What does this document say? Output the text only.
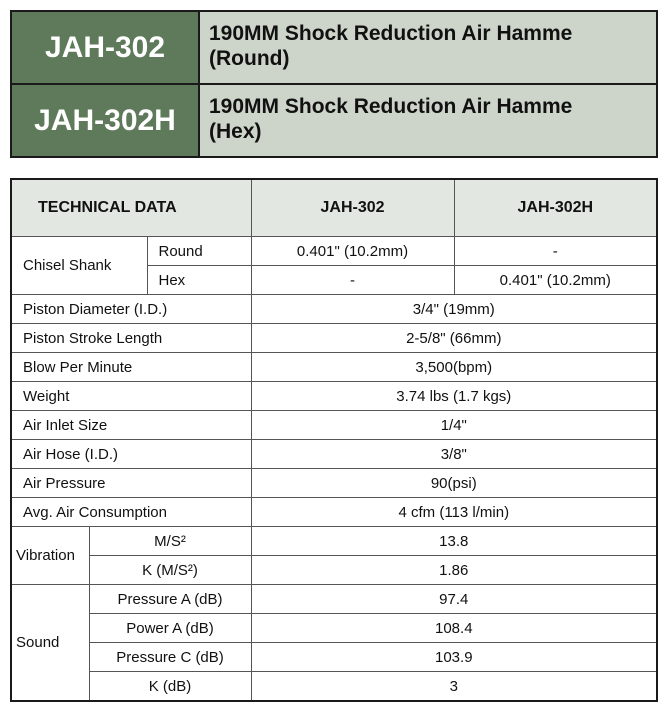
JAH-302	190MM Shock Reduction Air Hamme
(Round)
JAH-302H	190MM Shock Reduction Air Hamme
(Hex)
TECHNICAL DATA			JAH-302	JAH-302H
Chisel Shank		Round	0.401" (10.2mm)	-
		Hex	-	0.401" (10.2mm)
Piston Diameter (I.D.)			3/4" (19mm)	
Piston Stroke Length			2-5/8" (66mm)	
Blow Per Minute			3,500(bpm)	
Weight			3.74 lbs (1.7 kgs)	
Air Inlet Size			1/4"	
Air Hose (I.D.)			3/8"	
Air Pressure			90(psi)	
Avg. Air Consumption			4 cfm (113 l/min)	
Vibration	M/S²		13.8	
	K (M/S²)		1.86	
Sound	Pressure A (dB)		97.4	
	Power A (dB)		108.4	
	Pressure C (dB)		103.9	
	K (dB)		3	
